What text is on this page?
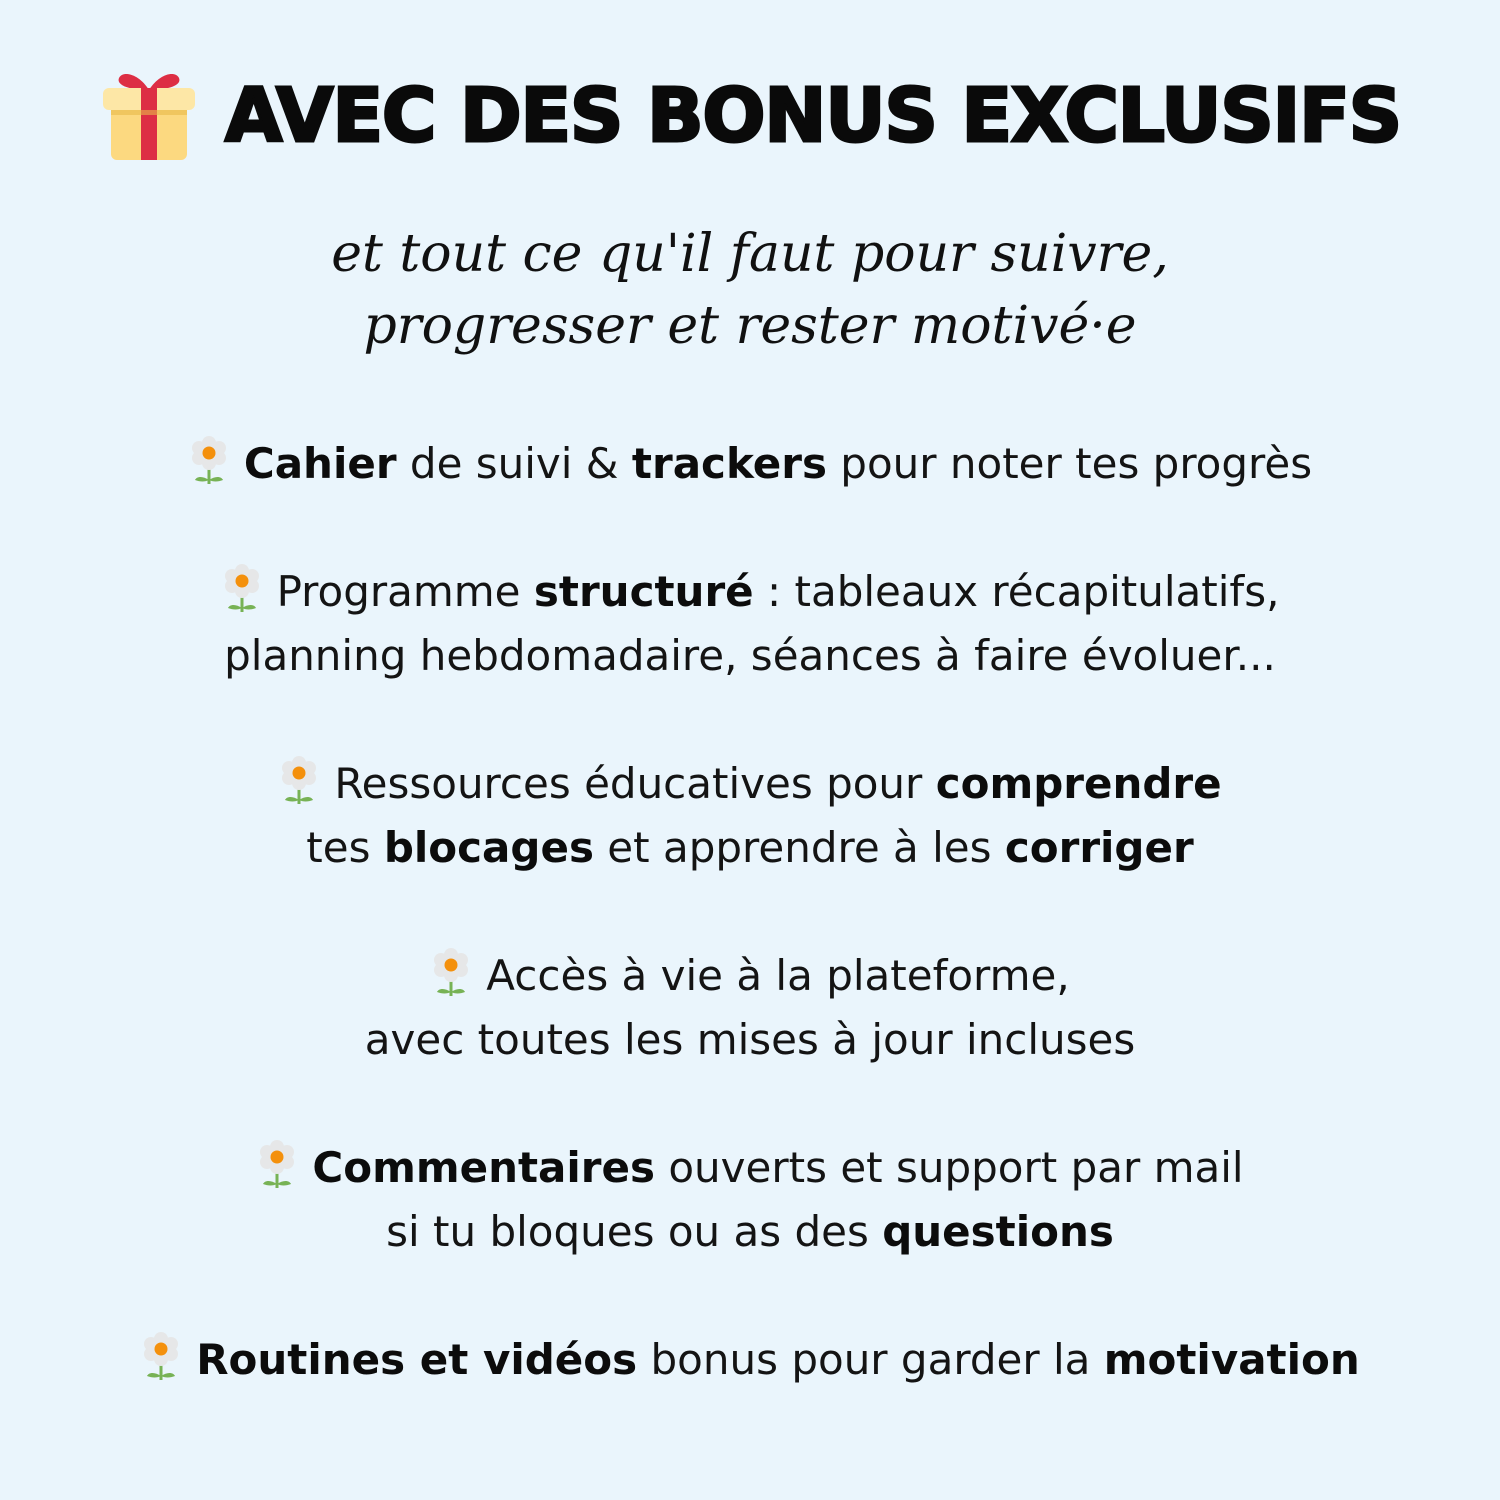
AVEC DES BONUS EXCLUSIFS
et tout ce qu'il faut pour suivre,
progresser et rester motivé·e
Cahier de suivi & trackers pour noter tes progrès
Programme structuré : tableaux récapitulatifs,
planning hebdomadaire, séances à faire évoluer...
Ressources éducatives pour comprendre
tes blocages et apprendre à les corriger
Accès à vie à la plateforme,
avec toutes les mises à jour incluses
Commentaires ouverts et support par mail
si tu bloques ou as des questions
Routines et vidéos bonus pour garder la motivation
